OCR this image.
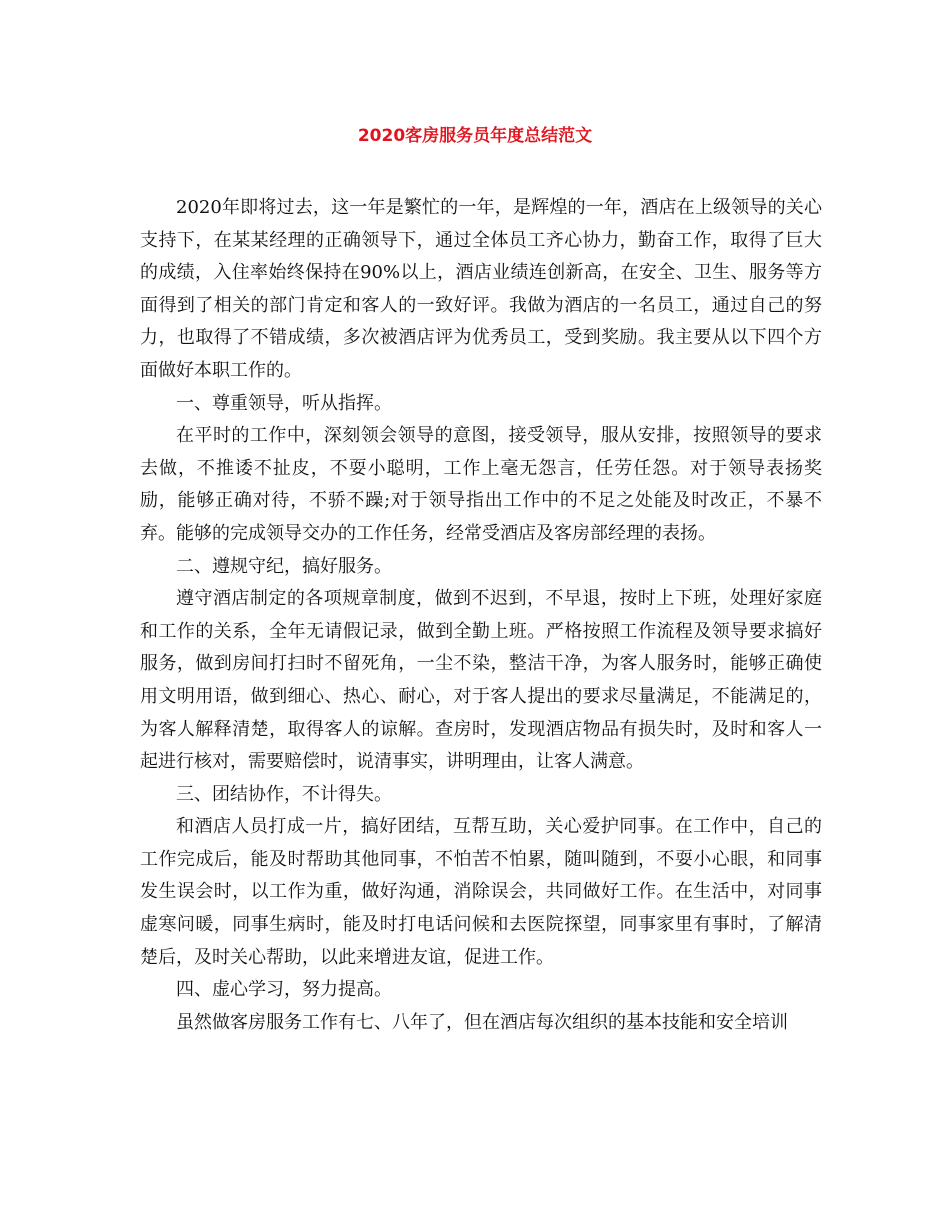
2020客房服务员年度总结范文

2020年即将过去，这一年是繁忙的一年，是辉煌的一年，酒店在上级领导的关心支持下，在某某经理的正确领导下，通过全体员工齐心协力，勤奋工作，取得了巨大的成绩，入住率始终保持在90%以上，酒店业绩连创新高，在安全、卫生、服务等方面得到了相关的部门肯定和客人的一致好评。我做为酒店的一名员工，通过自己的努力，也取得了不错成绩，多次被酒店评为优秀员工，受到奖励。我主要从以下四个方面做好本职工作的。

一、尊重领导，听从指挥。

在平时的工作中，深刻领会领导的意图，接受领导，服从安排，按照领导的要求去做，不推诿不扯皮，不耍小聪明，工作上毫无怨言，任劳任怨。对于领导表扬奖励，能够正确对待，不骄不躁;对于领导指出工作中的不足之处能及时改正，不暴不弃。能够的完成领导交办的工作任务，经常受酒店及客房部经理的表扬。

二、遵规守纪，搞好服务。

遵守酒店制定的各项规章制度，做到不迟到，不早退，按时上下班，处理好家庭和工作的关系，全年无请假记录，做到全勤上班。严格按照工作流程及领导要求搞好服务，做到房间打扫时不留死角，一尘不染，整洁干净，为客人服务时，能够正确使用文明用语，做到细心、热心、耐心，对于客人提出的要求尽量满足，不能满足的，为客人解释清楚，取得客人的谅解。查房时，发现酒店物品有损失时，及时和客人一起进行核对，需要赔偿时，说清事实，讲明理由，让客人满意。

三、团结协作，不计得失。

和酒店人员打成一片，搞好团结，互帮互助，关心爱护同事。在工作中，自己的工作完成后，能及时帮助其他同事，不怕苦不怕累，随叫随到，不耍小心眼，和同事发生误会时，以工作为重，做好沟通，消除误会，共同做好工作。在生活中，对同事虚寒问暖，同事生病时，能及时打电话问候和去医院探望，同事家里有事时，了解清楚后，及时关心帮助，以此来增进友谊，促进工作。

四、虚心学习，努力提高。

虽然做客房服务工作有七、八年了，但在酒店每次组织的基本技能和安全培训
